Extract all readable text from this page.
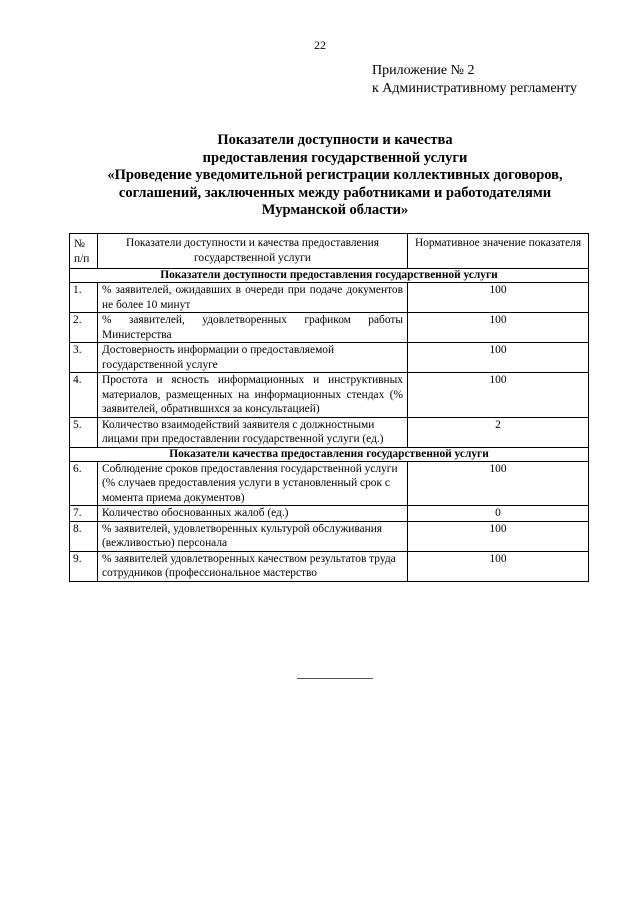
22
Приложение № 2
к Административному регламенту
Показатели доступности и качества
предоставления государственной услуги
«Проведение уведомительной регистрации коллективных договоров,
соглашений, заключенных между работниками и работодателями
Мурманской области»
№ п/п	Показатели доступности и качества предоставления государственной услуги	Нормативное значение показателя
Показатели доступности предоставления государственной услуги		
1.	% заявителей, ожидавших в очереди при подаче документов не более 10 минут	100
2.	% заявителей, удовлетворенных графиком работы Министерства	100
3.	Достоверность информации о предоставляемой государственной услуге	100
4.	Простота и ясность информационных и инструктивных материалов, размещенных на информационных стендах (% заявителей, обратившихся за консультацией)	100
5.	Количество взаимодействий заявителя с должностными лицами при предоставлении государственной услуги (ед.)	2
Показатели качества предоставления государственной услуги		
6.	Соблюдение сроков предоставления государственной услуги (% случаев предоставления услуги в установленный срок с момента приема документов)	100
7.	Количество обоснованных жалоб (ед.)	0
8.	% заявителей, удовлетворенных культурой обслуживания (вежливостью) персонала	100
9.	% заявителей удовлетворенных качеством результатов труда сотрудников (профессиональное мастерство	100
